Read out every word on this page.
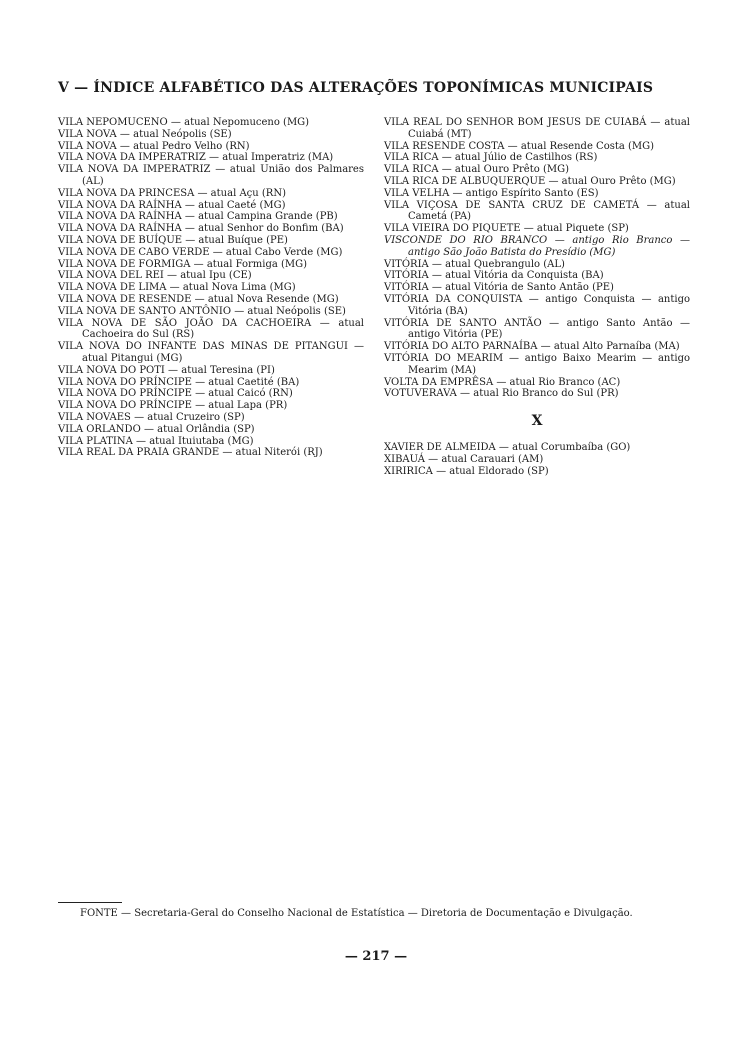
V — ÍNDICE ALFABÉTICO DAS ALTERAÇÕES TOPONÍMICAS MUNICIPAIS

VILA NEPOMUCENO — atual Nepomuceno (MG)

VILA NOVA — atual Neópolis (SE)

VILA NOVA — atual Pedro Velho (RN)

VILA NOVA DA IMPERATRIZ — atual Imperatriz (MA)

VILA NOVA DA IMPERATRIZ — atual União dos Palmares (AL)

VILA NOVA DA PRINCESA — atual Açu (RN)

VILA NOVA DA RAÍNHA — atual Caeté (MG)

VILA NOVA DA RAÍNHA — atual Campina Grande (PB)

VILA NOVA DA RAÍNHA — atual Senhor do Bonfim (BA)

VILA NOVA DE BUÍQUE — atual Buíque (PE)

VILA NOVA DE CABO VERDE — atual Cabo Verde (MG)

VILA NOVA DE FORMIGA — atual Formiga (MG)

VILA NOVA DEL REI — atual Ipu (CE)

VILA NOVA DE LIMA — atual Nova Lima (MG)

VILA NOVA DE RESENDE — atual Nova Resende (MG)

VILA NOVA DE SANTO ANTÔNIO — atual Neópolis (SE)

VILA NOVA DE SÃO JOÃO DA CACHOEIRA — atual Cachoeira do Sul (RS)

VILA NOVA DO INFANTE DAS MINAS DE PITANGUI — atual Pitangui (MG)

VILA NOVA DO POTI — atual Teresina (PI)

VILA NOVA DO PRÍNCIPE — atual Caetité (BA)

VILA NOVA DO PRÍNCIPE — atual Caicó (RN)

VILA NOVA DO PRÍNCIPE — atual Lapa (PR)

VILA NOVAES — atual Cruzeiro (SP)

VILA ORLANDO — atual Orlândia (SP)

VILA PLATINA — atual Ituiutaba (MG)

VILA REAL DA PRAIA GRANDE — atual Niterói (RJ)

VILA REAL DO SENHOR BOM JESUS DE CUIABÁ — atual Cuiabá (MT)

VILA RESENDE COSTA — atual Resende Costa (MG)

VILA RICA — atual Júlio de Castilhos (RS)

VILA RICA — atual Ouro Prêto (MG)

VILA RICA DE ALBUQUERQUE — atual Ouro Prêto (MG)

VILA VELHA — antigo Espírito Santo (ES)

VILA VIÇOSA DE SANTA CRUZ DE CAMETÁ — atual Cametá (PA)

VILA VIEIRA DO PIQUETE — atual Piquete (SP)

VISCONDE DO RIO BRANCO — antigo Rio Branco — antigo São João Batista do Presídio (MG)

VITÓRIA — atual Quebrangulo (AL)

VITÓRIA — atual Vitória da Conquista (BA)

VITÓRIA — atual Vitória de Santo Antão (PE)

VITÓRIA DA CONQUISTA — antigo Conquista — antigo Vitória (BA)

VITÓRIA DE SANTO ANTÃO — antigo Santo Antão — antigo Vitória (PE)

VITÓRIA DO ALTO PARNAÍBA — atual Alto Parnaíba (MA)

VITÓRIA DO MEARIM — antigo Baixo Mearim — antigo Mearim (MA)

VOLTA DA EMPRÊSA — atual Rio Branco (AC)

VOTUVERAVA — atual Rio Branco do Sul (PR)

X

XAVIER DE ALMEIDA — atual Corumbaíba (GO)

XIBAUÁ — atual Carauari (AM)

XIRIRICA — atual Eldorado (SP)

FONTE — Secretaria-Geral do Conselho Nacional de Estatística — Diretoria de Documentação e Divulgação.
— 217 —
